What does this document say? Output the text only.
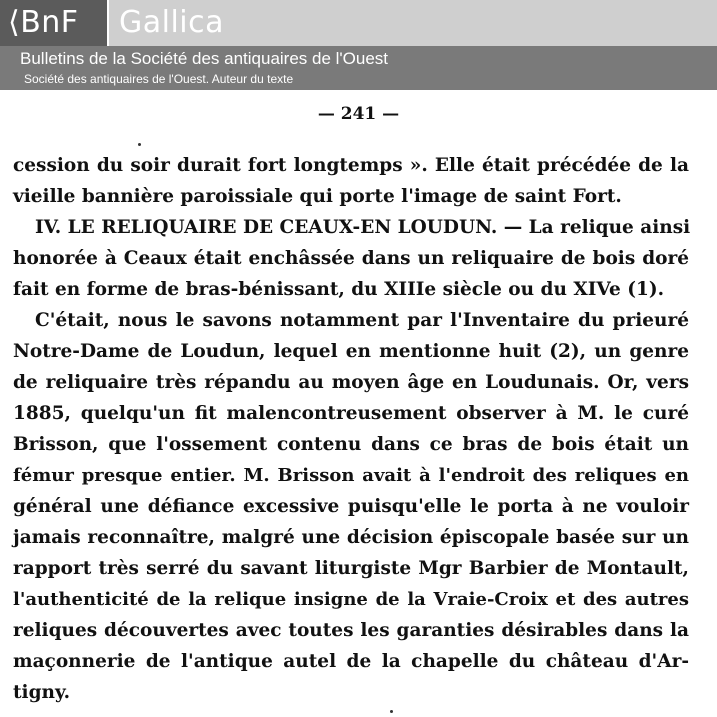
⟨BnF	Gallica
Bulletins de la Société des antiquaires de l'Ouest
Société des antiquaires de l'Ouest. Auteur du texte
— 241 —
cession du soir durait fort longtemps ». Elle était précédée de la
vieille bannière paroissiale qui porte l'image de saint Fort.
IV. LE RELIQUAIRE DE CEAUX-EN LOUDUN. — La relique ainsi
honorée à Ceaux était enchâssée dans un reliquaire de bois doré
fait en forme de bras-bénissant, du XIIIe siècle ou du XIVe (1).
C'était, nous le savons notamment par l'Inventaire du prieuré
Notre-Dame de Loudun, lequel en mentionne huit (2), un genre
de reliquaire très répandu au moyen âge en Loudunais. Or, vers
1885, quelqu'un fit malencontreusement observer à M. le curé
Brisson, que l'ossement contenu dans ce bras de bois était un
fémur presque entier. M. Brisson avait à l'endroit des reliques en
général une défiance excessive puisqu'elle le porta à ne vouloir
jamais reconnaître, malgré une décision épiscopale basée sur un
rapport très serré du savant liturgiste Mgr Barbier de Montault,
l'authenticité de la relique insigne de la Vraie-Croix et des autres
reliques découvertes avec toutes les garanties désirables dans la
maçonnerie de l'antique autel de la chapelle du château d'Ar-
tigny.
